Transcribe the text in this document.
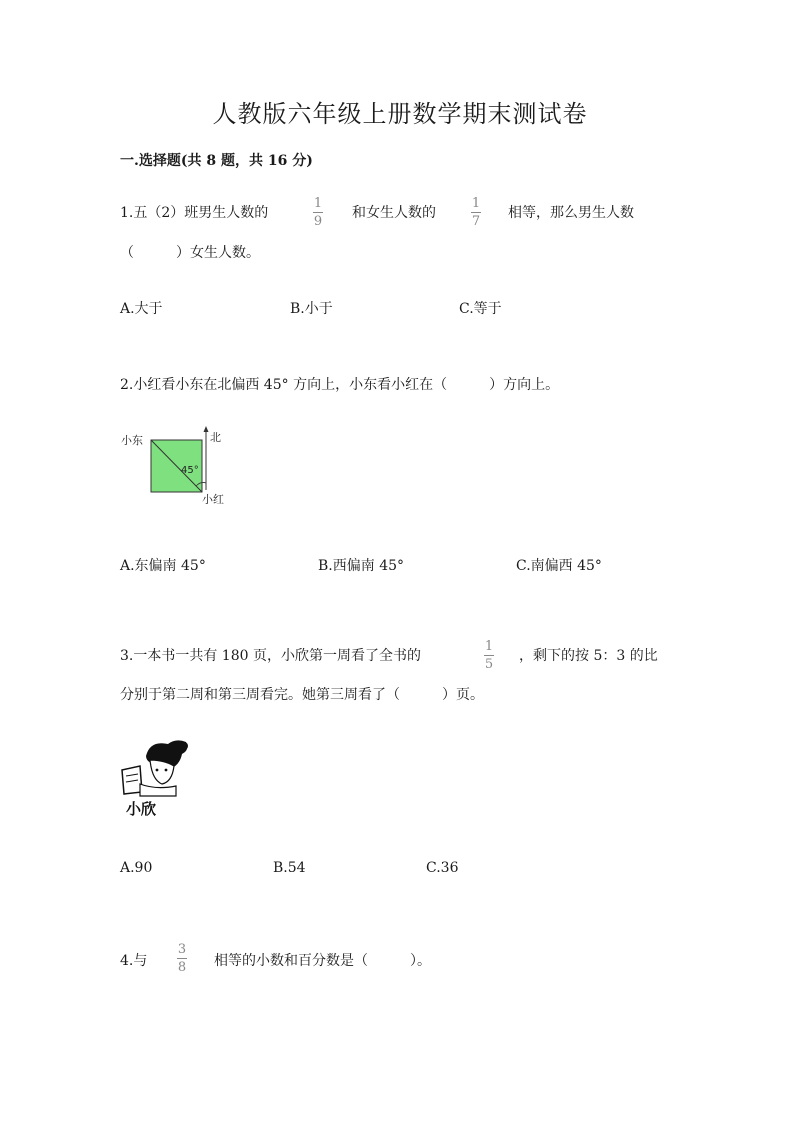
人教版六年级上册数学期末测试卷
一.选择题(共 8 题，共 16 分)
1.五（2）班男生人数的
1
9
和女生人数的
1
7
相等，那么男生人数
（　　　）女生人数。
A.大于	B.小于	C.等于
2.小红看小东在北偏西 45° 方向上，小东看小红在（　　　）方向上。
小东	北
45°
小红
A.东偏南 45°	B.西偏南 45°	C.南偏西 45°
3.一本书一共有 180 页，小欣第一周看了全书的
1
5
，剩下的按 5：3 的比
分别于第二周和第三周看完。她第三周看了（　　　）页。
小欣
A.90	B.54	C.36
4.与
3
8 相等的小数和百分数是（　　　）。
